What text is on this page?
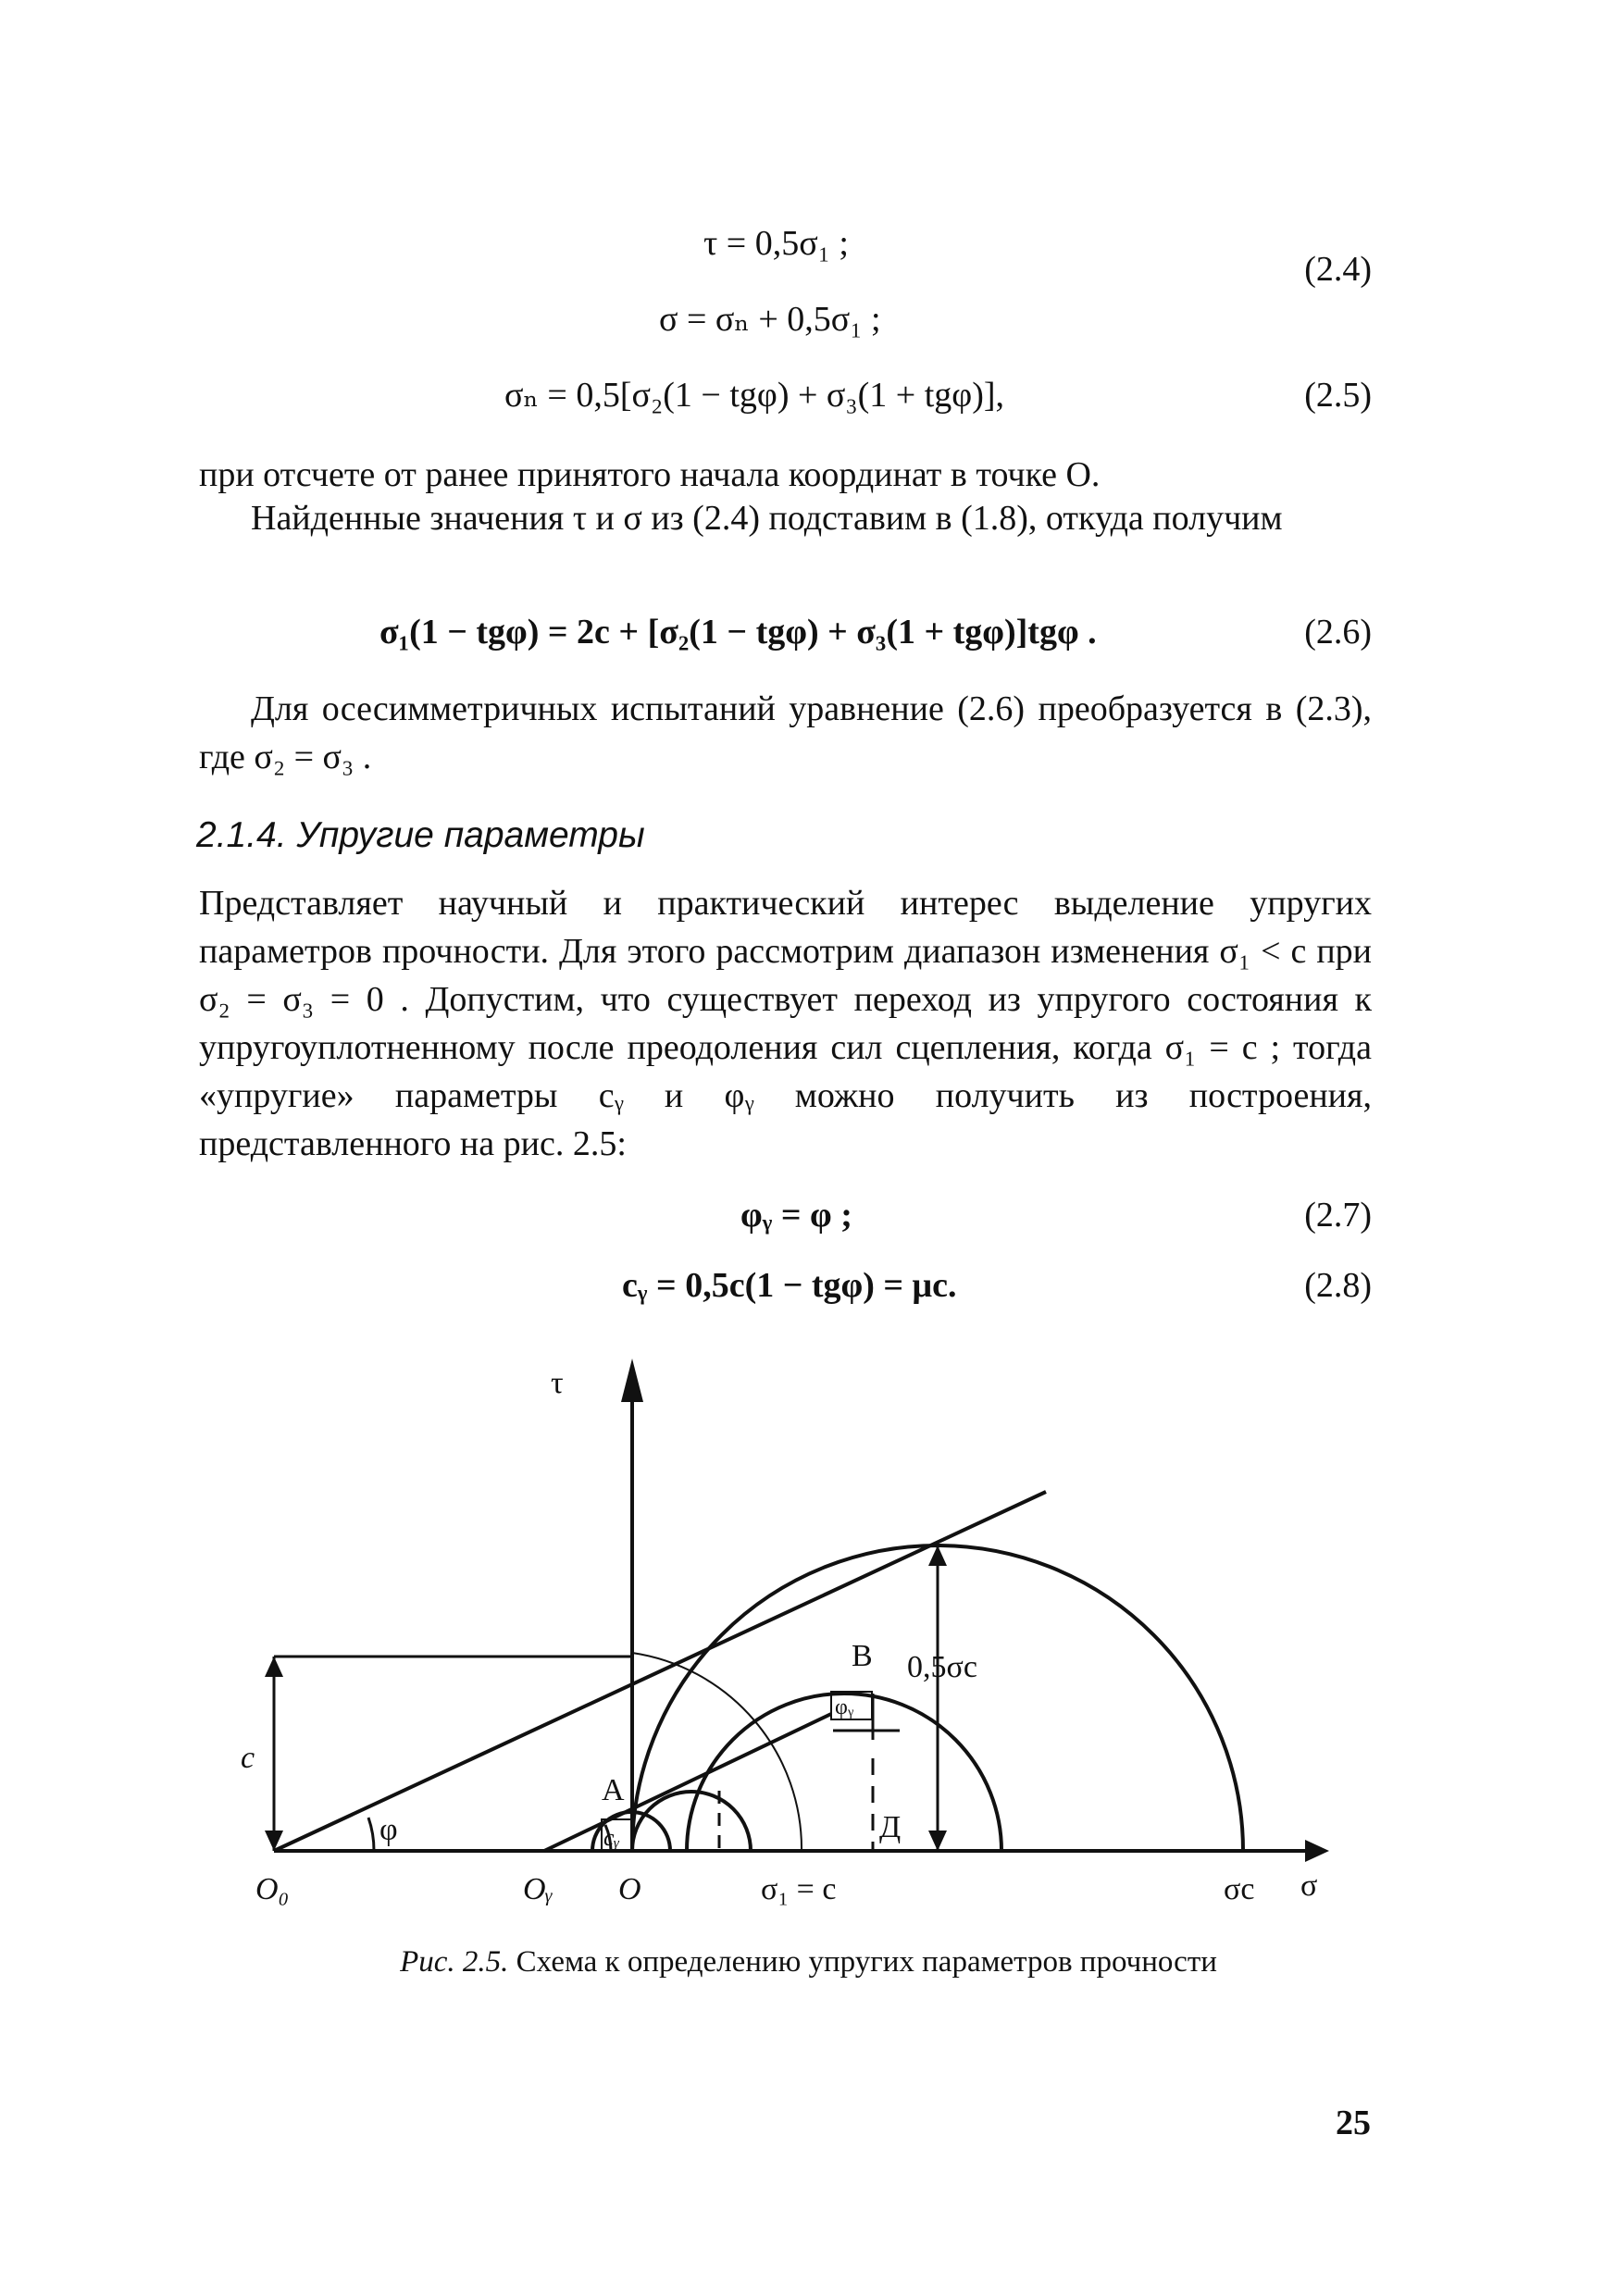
τ = 0,5σ₁ ;
(2.4)
σ = σₙ + 0,5σ₁ ;
σₙ = 0,5[σ₂(1 − tgφ) + σ₃(1 + tgφ)],	(2.5)
при отсчете от ранее принятого начала координат в точке O.
Найденные значения τ и σ из (2.4) подставим в (1.8), откуда получим
σ₁(1 − tgφ) = 2c + [σ₂(1 − tgφ) + σ₃(1 + tgφ)]tgφ .	(2.6)
Для осесимметричных испытаний уравнение (2.6) преобразуется в (2.3), где σ₂ = σ₃ .
2.1.4. Упругие параметры
Представляет научный и практический интерес выделение упругих параметров прочности. Для этого рассмотрим диапазон изменения σ₁ < c при σ₂ = σ₃ = 0 . Допустим, что существует переход из упругого состояния к упругоуплотненному после преодоления сил сцепления, когда σ₁ = c ; тогда «упругие» параметры cᵧ и φᵧ можно получить из построения, представленного на рис. 2.5:
φᵧ = φ ;	(2.7)
cᵧ = 0,5c(1 − tgφ) = μc.	(2.8)
τ
σ
O₀	Oᵧ O	σ₁ = c	σc
c
φ	cᵧ
A
B 0,5σc
Д
φᵧ
Рис. 2.5. Схема к определению упругих параметров прочности
25
